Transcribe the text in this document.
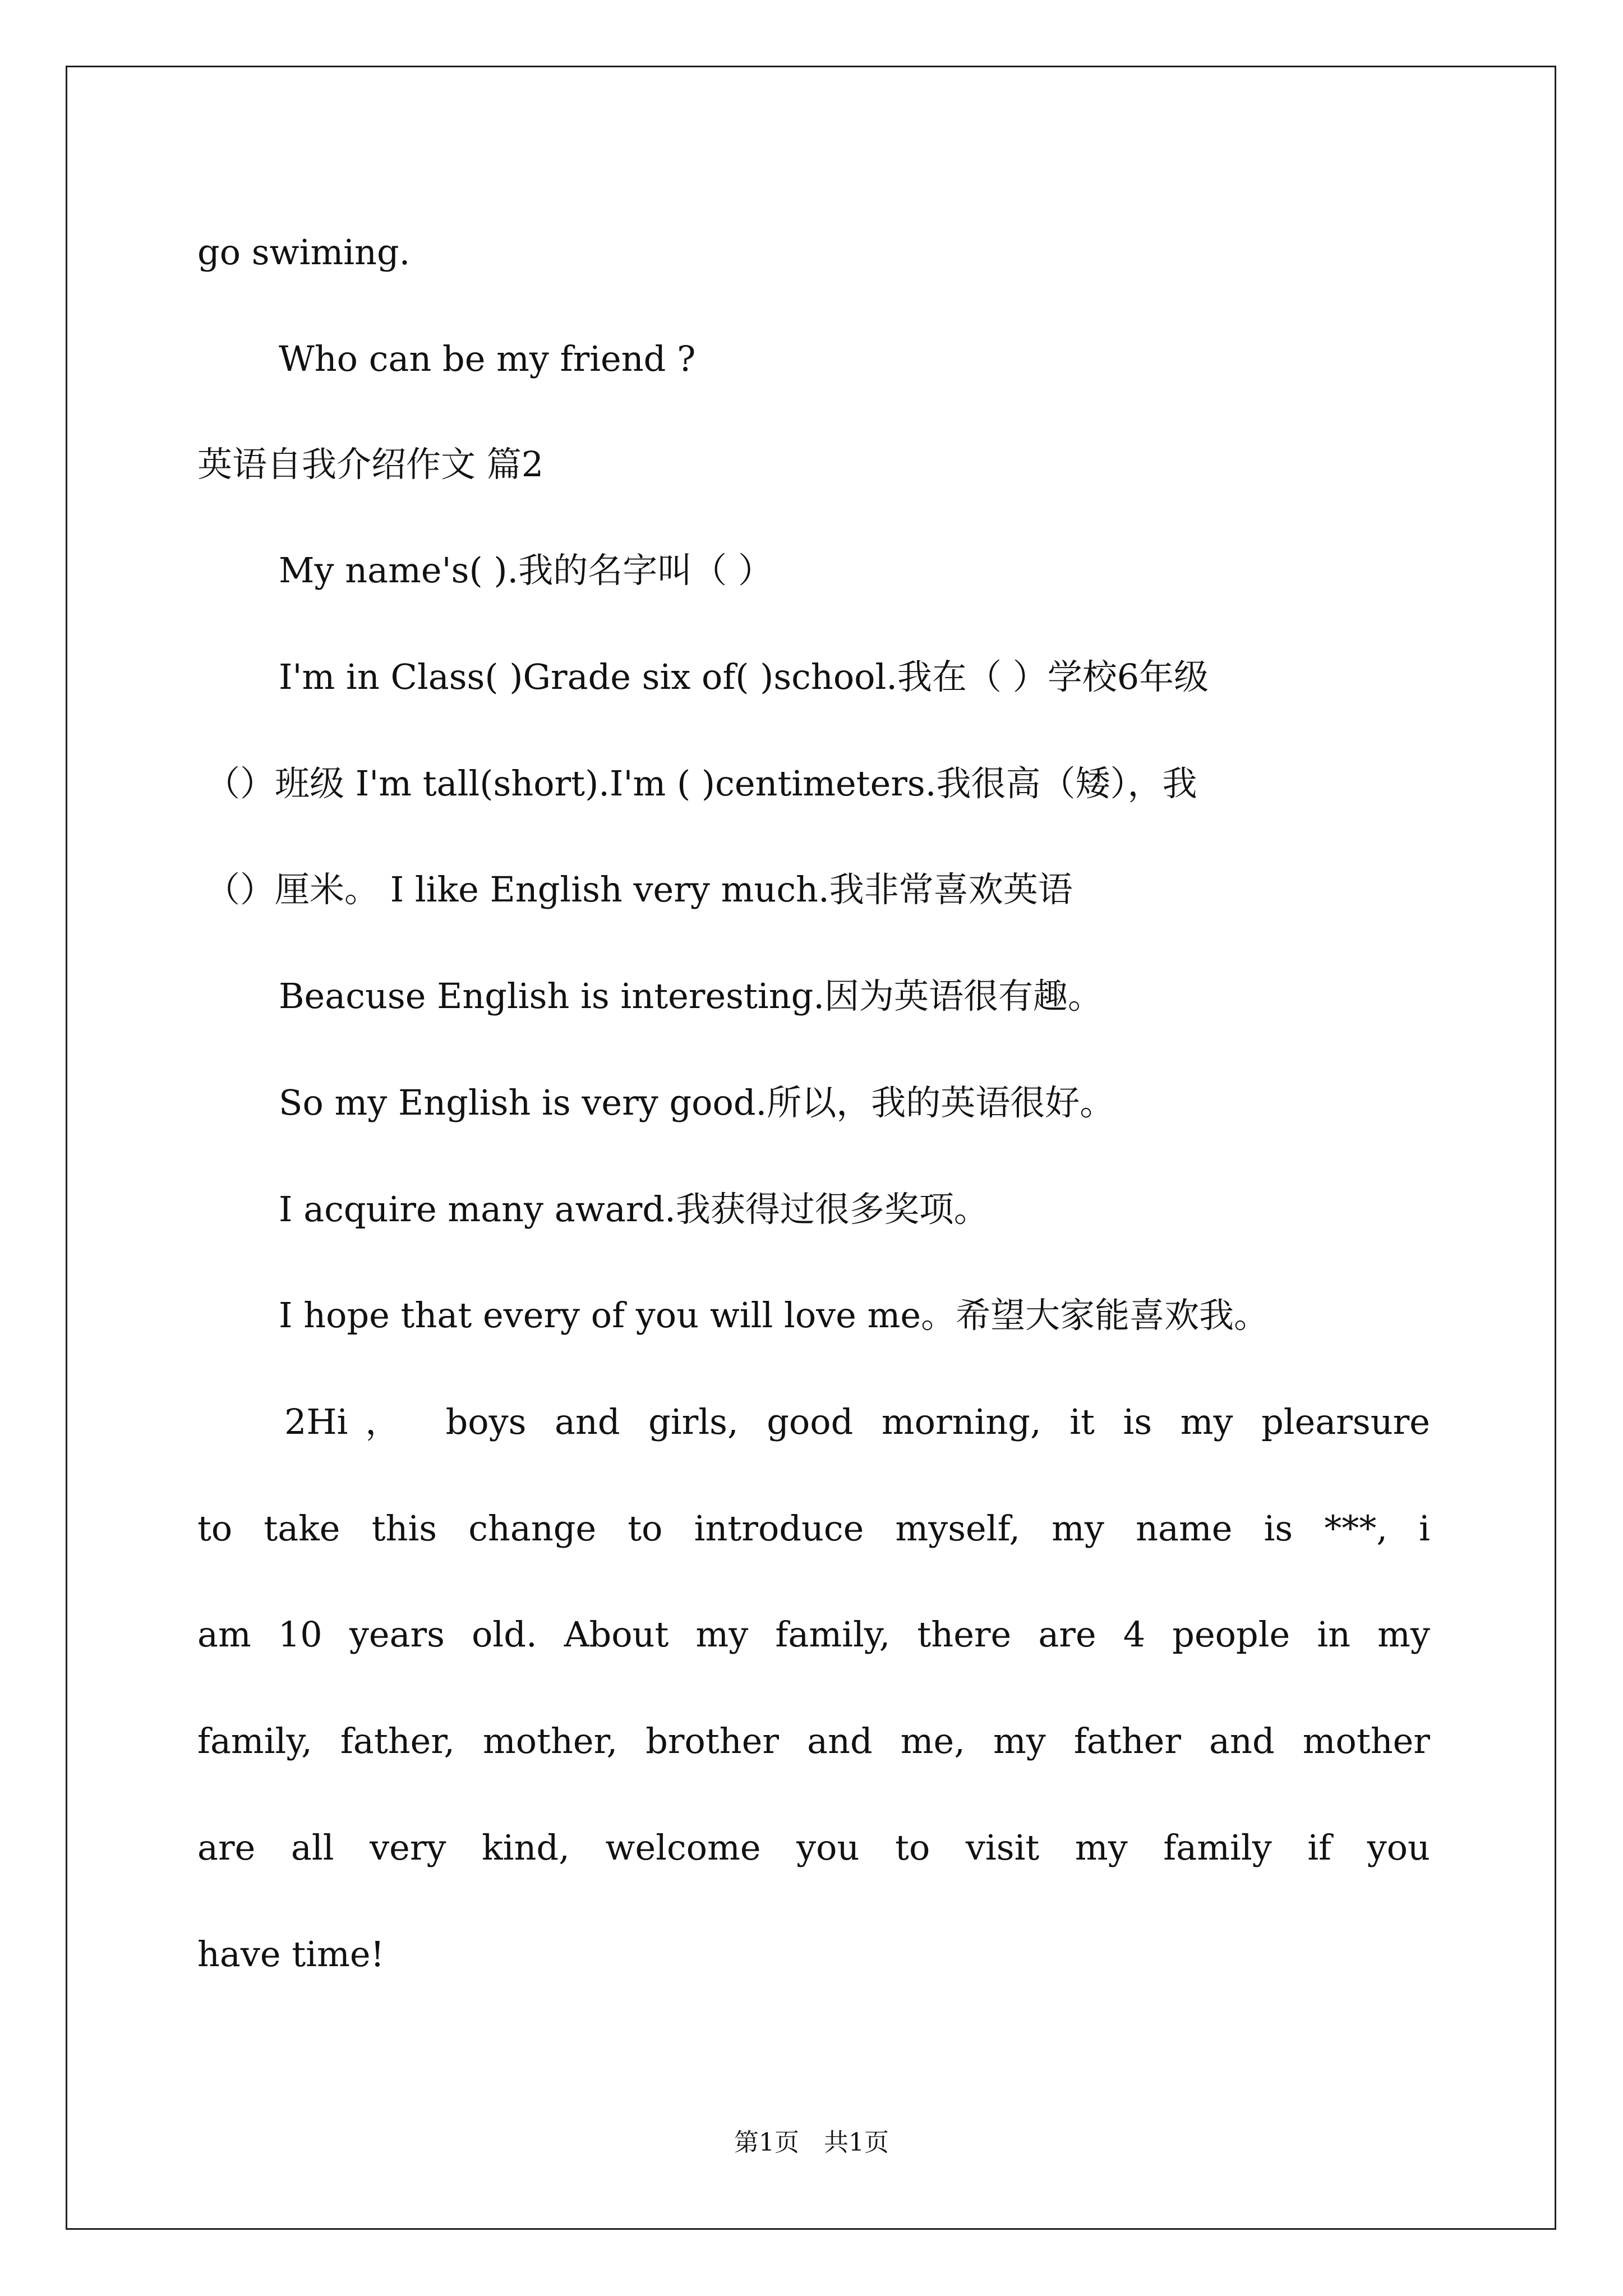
go swiming.
Who can be my friend ?
英语自我介绍作文 篇2
My name's( ).我的名字叫（ ）
I'm in Class( )Grade six of( )school.我在（ ）学校6年级
（）班级 I'm tall(short).I'm ( )centimeters.我很高（矮），我
（）厘米。 I like English very much.我非常喜欢英语
Beacuse English is interesting.因为英语很有趣。
So my English is very good.所以，我的英语很好。
I acquire many award.我获得过很多奖项。
I hope that every of you will love me。希望大家能喜欢我。
2Hi， boys and girls, good morning, it is my plearsure
to take this change to introduce myself, my name is ***, i
am 10 years old. About my family, there are 4 people in my
family, father, mother, brother and me, my father and mother
are all very kind, welcome you to visit my family if you
have time!
第1页　共1页
